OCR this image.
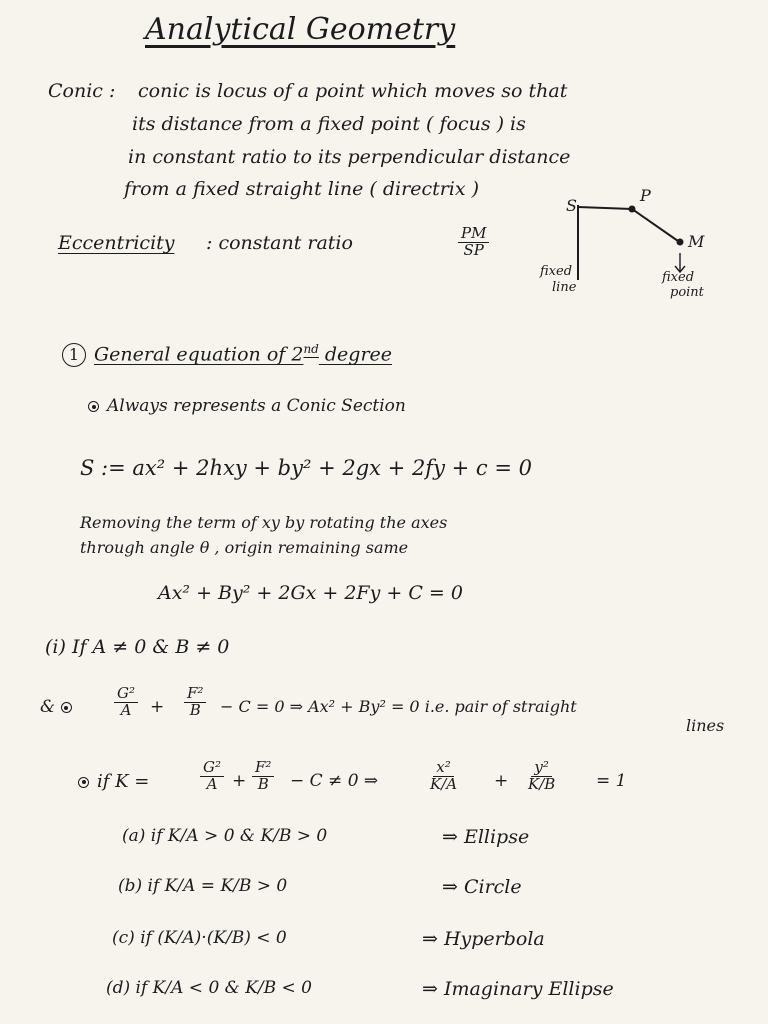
Analytical Geometry
Conic : conic is locus of a point which moves so that
its distance from a fixed point ( focus ) is
in constant ratio to its perpendicular distance
from a fixed straight line ( directrix )
Eccentricity : constant ratio	$\frac{PM}{SP}$
S
P
M
fixed
line
fixed
point
1 General equation of 2nd degree
Always represents a Conic Section
S := ax² + 2hxy + by² + 2gx + 2fy + c = 0
Removing the term of xy by rotating the axes
through angle θ , origin remaining same
Ax² + By² + 2Gx + 2Fy + C = 0
(i) If A ≠ 0 & B ≠ 0
&	$\frac{\text{G²}}{A} + \frac{\text{F²}}{B} - C = 0$ ⇒ Ax² + By² = 0 i.e. pair of straight
lines
if K =	$\frac{\text{G²}}{A} + \frac{\text{F²}}{B} - C \ne 0$ ⇒	$\frac{\text{x²}}{K/A} + \frac{\text{y²}}{K/B} = 1$
(a) if K/A > 0 & K/B > 0	⇒ Ellipse
(b) if K/A = K/B > 0	⇒ Circle
(c) if (K/A)·(K/B) < 0	⇒ Hyperbola
(d) if K/A < 0 & K/B < 0	⇒ Imaginary Ellipse
